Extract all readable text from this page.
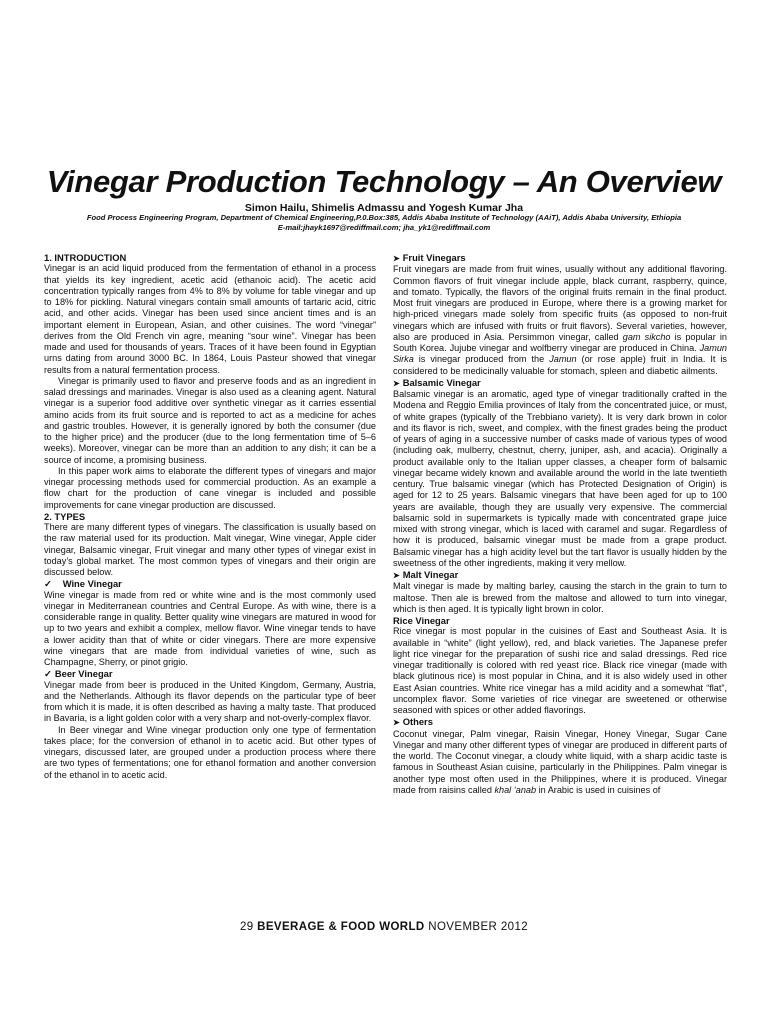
Vinegar Production Technology – An Overview
Simon Hailu, Shimelis Admassu and Yogesh Kumar Jha
Food Process Engineering Program, Department of Chemical Engineering,P.0.Box:385, Addis Ababa Institute of Technology (AAiT), Addis Ababa University, Ethiopia
E-mail:jhayk1697@rediffmail.com; jha_yk1@rediffmail.com
1. INTRODUCTION

Vinegar is an acid liquid produced from the fermentation of ethanol in a process that yields its key ingredient, acetic acid (ethanoic acid). The acetic acid concentration typically ranges from 4% to 8% by volume for table vinegar and up to 18% for pickling. Natural vinegars contain small amounts of tartaric acid, citric acid, and other acids. Vinegar has been used since ancient times and is an important element in European, Asian, and other cuisines. The word “vinegar” derives from the Old French vin agre, meaning “sour wine”. Vinegar has been made and used for thousands of years. Traces of it have been found in Egyptian urns dating from around 3000 BC. In 1864, Louis Pasteur showed that vinegar results from a natural fermentation process.

Vinegar is primarily used to flavor and preserve foods and as an ingredient in salad dressings and marinades. Vinegar is also used as a cleaning agent. Natural vinegar is a superior food additive over synthetic vinegar as it carries essential amino acids from its fruit source and is reported to act as a medicine for aches and gastric troubles. However, it is generally ignored by both the consumer (due to the higher price) and the producer (due to the long fermentation time of 5–6 weeks). Moreover, vinegar can be more than an addition to any dish; it can be a source of income, a promising business.

In this paper work aims to elaborate the different types of vinegars and major vinegar processing methods used for commercial production. As an example a flow chart for the production of cane vinegar is included and possible improvements for cane vinegar production are discussed.

2. TYPES

There are many different types of vinegars. The classification is usually based on the raw material used for its production. Malt vinegar, Wine vinegar, Apple cider vinegar, Balsamic vinegar, Fruit vinegar and many other types of vinegar exist in today’s global market. The most common types of vinegars and their origin are discussed below.

✓ Wine Vinegar

Wine vinegar is made from red or white wine and is the most commonly used vinegar in Mediterranean countries and Central Europe. As with wine, there is a considerable range in quality. Better quality wine vinegars are matured in wood for up to two years and exhibit a complex, mellow flavor. Wine vinegar tends to have a lower acidity than that of white or cider vinegars. There are more expensive wine vinegars that are made from individual varieties of wine, such as Champagne, Sherry, or pinot grigio.

✓ Beer Vinegar

Vinegar made from beer is produced in the United Kingdom, Germany, Austria, and the Netherlands. Although its flavor depends on the particular type of beer from which it is made, it is often described as having a malty taste. That produced in Bavaria, is a light golden color with a very sharp and not-overly-complex flavor.

In Beer vinegar and Wine vinegar production only one type of fermentation takes place; for the conversion of ethanol in to acetic acid. But other types of vinegars, discussed later, are grouped under a production process where there are two types of fermentations; one for ethanol formation and another conversion of the ethanol in to acetic acid.

➤ Fruit Vinegars

Fruit vinegars are made from fruit wines, usually without any additional flavoring. Common flavors of fruit vinegar include apple, black currant, raspberry, quince, and tomato. Typically, the flavors of the original fruits remain in the final product. Most fruit vinegars are produced in Europe, where there is a growing market for high-priced vinegars made solely from specific fruits (as opposed to non-fruit vinegars which are infused with fruits or fruit flavors). Several varieties, however, also are produced in Asia. Persimmon vinegar, called gam sikcho is popular in South Korea. Jujube vinegar and wolfberry vinegar are produced in China. Jamun Sirka is vinegar produced from the Jamun (or rose apple) fruit in India. It is considered to be medicinally valuable for stomach, spleen and diabetic ailments.

➤ Balsamic Vinegar

Balsamic vinegar is an aromatic, aged type of vinegar traditionally crafted in the Modena and Reggio Emilia provinces of Italy from the concentrated juice, or must, of white grapes (typically of the Trebbiano variety). It is very dark brown in color and its flavor is rich, sweet, and complex, with the finest grades being the product of years of aging in a successive number of casks made of various types of wood (including oak, mulberry, chestnut, cherry, juniper, ash, and acacia). Originally a product available only to the Italian upper classes, a cheaper form of balsamic vinegar became widely known and available around the world in the late twentieth century. True balsamic vinegar (which has Protected Designation of Origin) is aged for 12 to 25 years. Balsamic vinegars that have been aged for up to 100 years are available, though they are usually very expensive. The commercial balsamic sold in supermarkets is typically made with concentrated grape juice mixed with strong vinegar, which is laced with caramel and sugar. Regardless of how it is produced, balsamic vinegar must be made from a grape product. Balsamic vinegar has a high acidity level but the tart flavor is usually hidden by the sweetness of the other ingredients, making it very mellow.

➤ Malt Vinegar

Malt vinegar is made by malting barley, causing the starch in the grain to turn to maltose. Then ale is brewed from the maltose and allowed to turn into vinegar, which is then aged. It is typically light brown in color.

Rice Vinegar

Rice vinegar is most popular in the cuisines of East and Southeast Asia. It is available in “white” (light yellow), red, and black varieties. The Japanese prefer light rice vinegar for the preparation of sushi rice and salad dressings. Red rice vinegar traditionally is colored with red yeast rice. Black rice vinegar (made with black glutinous rice) is most popular in China, and it is also widely used in other East Asian countries. White rice vinegar has a mild acidity and a somewhat “flat”, uncomplex flavor. Some varieties of rice vinegar are sweetened or otherwise seasoned with spices or other added flavorings.

➤ Others

Coconut vinegar, Palm vinegar, Raisin Vinegar, Honey Vinegar, Sugar Cane Vinegar and many other different types of vinegar are produced in different parts of the world. The Coconut vinegar, a cloudy white liquid, with a sharp acidic taste is famous in Southeast Asian cuisine, particularly in the Philippines. Palm vinegar is another type most often used in the Philippines, where it is produced. Vinegar made from raisins called khal ‘anab in Arabic is used in cuisines of

29 BEVERAGE & FOOD WORLD NOVEMBER 2012
